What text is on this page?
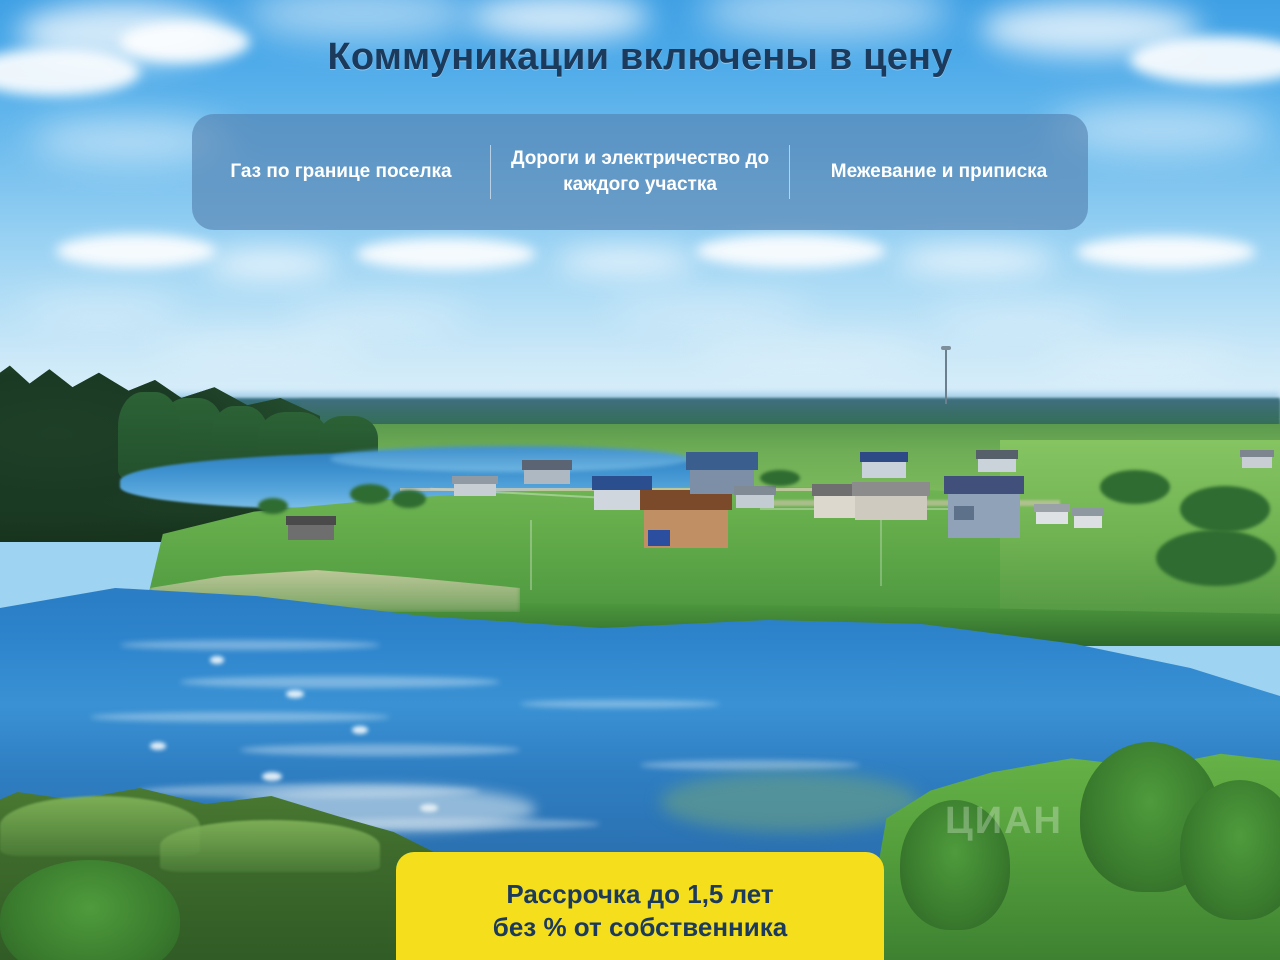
Коммуникации включены в цену
Газ по границе поселка
Дороги и электричество до каждого участка
Межевание и приписка
Рассрочка до 1,5 лет
без % от собственника
ЦИАН
